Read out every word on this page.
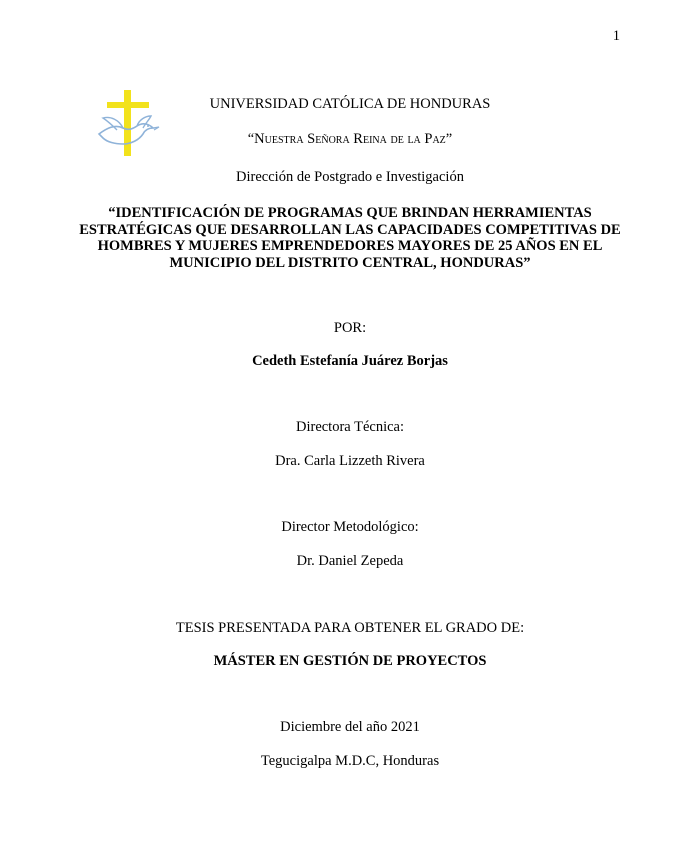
1
UNIVERSIDAD CATÓLICA DE HONDURAS
“Nuestra Señora Reina de la Paz”
Dirección de Postgrado e Investigación
“IDENTIFICACIÓN DE PROGRAMAS QUE BRINDAN HERRAMIENTAS ESTRATÉGICAS QUE DESARROLLAN LAS CAPACIDADES COMPETITIVAS DE HOMBRES Y MUJERES EMPRENDEDORES MAYORES DE 25 AÑOS EN EL MUNICIPIO DEL DISTRITO CENTRAL, HONDURAS”
POR:
Cedeth Estefanía Juárez Borjas
Directora Técnica:
Dra. Carla Lizzeth Rivera
Director Metodológico:
Dr. Daniel Zepeda
TESIS PRESENTADA PARA OBTENER EL GRADO DE:
MÁSTER EN GESTIÓN DE PROYECTOS
Diciembre del año 2021
Tegucigalpa M.D.C, Honduras
